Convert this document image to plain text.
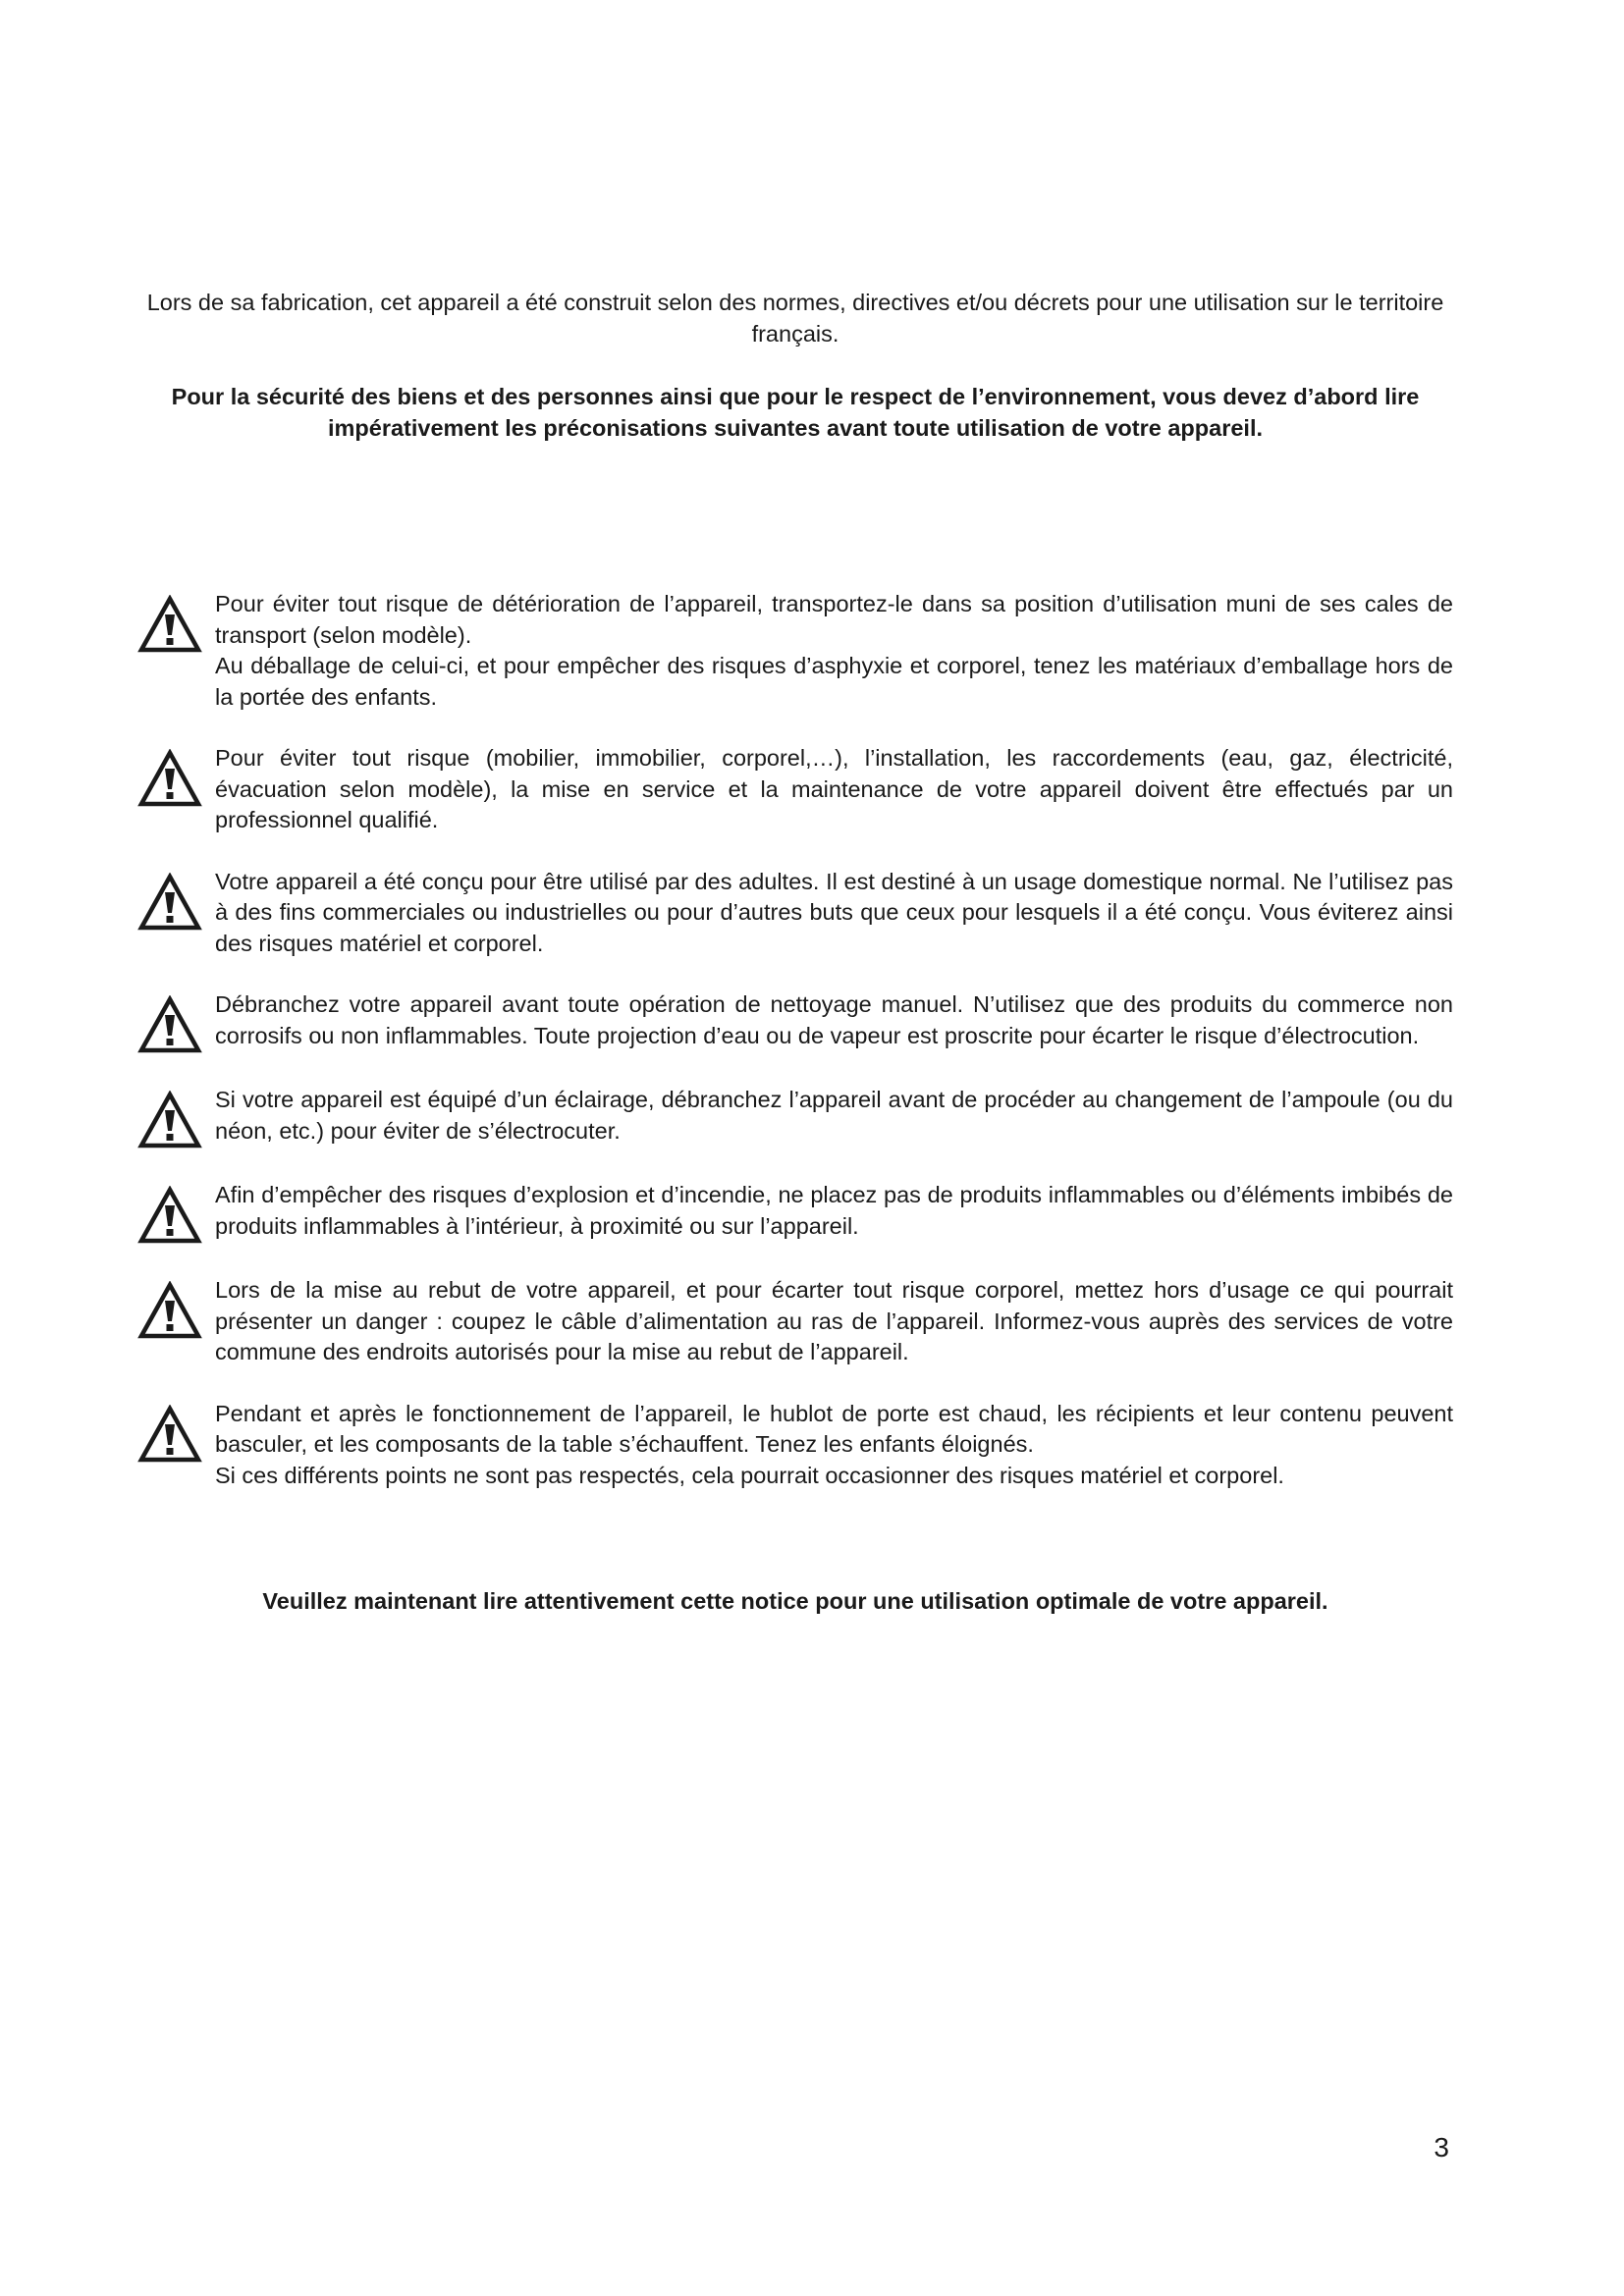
Lors de sa fabrication, cet appareil a été construit selon des normes, directives et/ou décrets pour une utilisation sur le territoire français.

Pour la sécurité des biens et des personnes ainsi que pour le respect de l’environnement, vous devez d’abord lire impérativement les préconisations suivantes avant toute utilisation de votre appareil.

Pour éviter tout risque de détérioration de l’appareil, transportez-le dans sa position d’utilisation muni de ses cales de transport (selon modèle).

Au déballage de celui-ci, et pour empêcher des risques d’asphyxie et corporel, tenez les matériaux d’emballage hors de la portée des enfants.

Pour éviter tout risque (mobilier, immobilier, corporel,…), l’installation, les raccordements (eau, gaz, électricité, évacuation selon modèle), la mise en service et la maintenance de votre appareil doivent être effectués par un professionnel qualifié.

Votre appareil a été conçu pour être utilisé par des adultes. Il est destiné à un usage domestique normal. Ne l’utilisez pas à des fins commerciales ou industrielles ou pour d’autres buts que ceux pour lesquels il a été conçu. Vous éviterez ainsi des risques matériel et corporel.

Débranchez votre appareil avant toute opération de nettoyage manuel. N’utilisez que des produits du commerce non corrosifs ou non inflammables. Toute projection d’eau ou de vapeur est proscrite pour écarter le risque d’électrocution.

Si votre appareil est équipé d’un éclairage, débranchez l’appareil avant de procéder au changement de l’ampoule (ou du néon, etc.) pour éviter de s’électrocuter.

Afin d’empêcher des risques d’explosion et d’incendie, ne placez pas de produits inflammables ou d’éléments imbibés de produits inflammables à l’intérieur, à proximité ou sur l’appareil.

Lors de la mise au rebut de votre appareil, et pour écarter tout risque corporel, mettez hors d’usage ce qui pourrait présenter un danger : coupez le câble d’alimentation au ras de l’appareil. Informez-vous auprès des services de votre commune des endroits autorisés pour la mise au rebut de l’appareil.

Pendant et après le fonctionnement de l’appareil, le hublot de porte est chaud, les récipients et leur contenu peuvent basculer, et les composants de la table s’échauffent. Tenez les enfants éloignés.

Si ces différents points ne sont pas respectés, cela pourrait occasionner des risques matériel et corporel.

Veuillez maintenant lire attentivement cette notice pour une utilisation optimale de votre appareil.

3
